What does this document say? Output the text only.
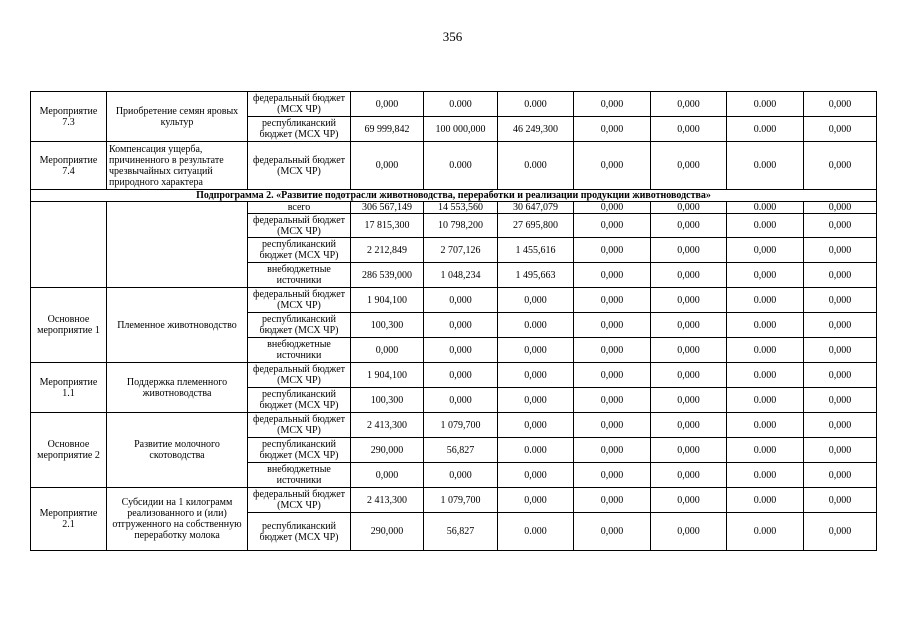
356
Мероприятие 7.3	Приобретение семян яровых культур	федеральный бюджет (МСХ ЧР)	0,000	0.000	0.000	0,000	0,000	0.000	0,000
		республиканский бюджет (МСХ ЧР)	69 999,842	100 000,000	46 249,300	0,000	0,000	0.000	0,000
Мероприятие 7.4	Компенсация ущерба, причиненного в результате чрезвычайных ситуаций природного характера	федеральный бюджет (МСХ ЧР)	0,000	0.000	0.000	0,000	0,000	0.000	0,000
Подпрограмма 2. «Развитие подотрасли животноводства, переработки и реализации продукции животноводства»									
		всего	306 567,149	14 553,560	30 647,079	0,000	0,000	0.000	0,000
		федеральный бюджет (МСХ ЧР)	17 815,300	10 798,200	27 695,800	0,000	0,000	0.000	0,000
		республиканский бюджет (МСХ ЧР)	2 212,849	2 707,126	1 455,616	0,000	0,000	0,000	0,000
		внебюджетные источники	286 539,000	1 048,234	1 495,663	0,000	0,000	0,000	0,000
Основное мероприятие 1	Племенное животноводство	федеральный бюджет (МСХ ЧР)	1 904,100	0,000	0,000	0,000	0,000	0.000	0,000
		республиканский бюджет (МСХ ЧР)	100,300	0,000	0.000	0,000	0,000	0.000	0,000
		внебюджетные источники	0,000	0,000	0,000	0,000	0,000	0.000	0,000
Мероприятие 1.1	Поддержка племенного животноводства	федеральный бюджет (МСХ ЧР)	1 904,100	0,000	0,000	0,000	0,000	0.000	0,000
		республиканский бюджет (МСХ ЧР)	100,300	0,000	0,000	0,000	0,000	0.000	0,000
Основное мероприятие 2	Развитие молочного скотоводства	федеральный бюджет (МСХ ЧР)	2 413,300	1 079,700	0,000	0,000	0,000	0.000	0,000
		республиканский бюджет (МСХ ЧР)	290,000	56,827	0.000	0,000	0,000	0.000	0,000
		внебюджетные источники	0,000	0,000	0,000	0,000	0,000	0.000	0,000
Мероприятие 2.1	Субсидии на 1 килограмм реализованного и (или) отгруженного на собственную переработку молока	федеральный бюджет (МСХ ЧР)	2 413,300	1 079,700	0,000	0,000	0,000	0.000	0,000
		республиканский бюджет (МСХ ЧР)	290,000	56,827	0.000	0,000	0,000	0.000	0,000
